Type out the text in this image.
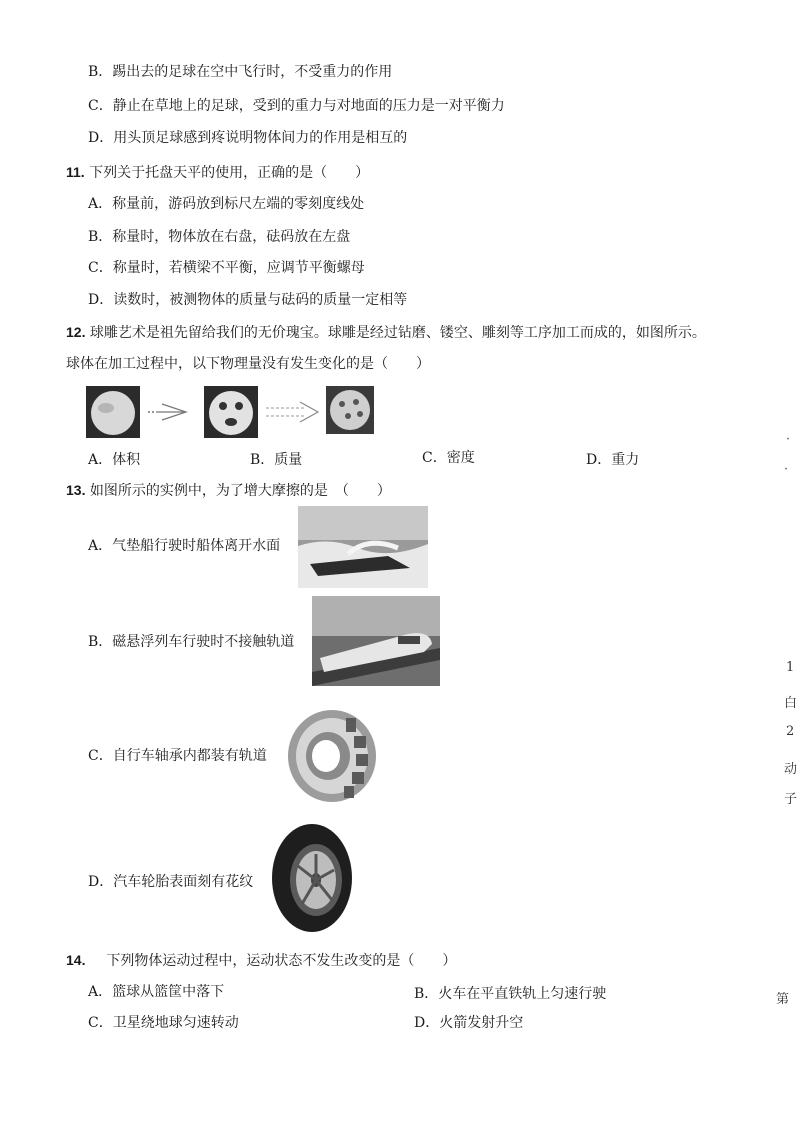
B．踢出去的足球在空中飞行时，不受重力的作用
C．静止在草地上的足球，受到的重力与对地面的压力是一对平衡力
D．用头顶足球感到疼说明物体间力的作用是相互的
11. 下列关于托盘天平的使用，正确的是（　　）
A．称量前，游码放到标尺左端的零刻度线处
B．称量时，物体放在右盘，砝码放在左盘
C．称量时，若横梁不平衡，应调节平衡螺母
D．读数时，被测物体的质量与砝码的质量一定相等
12. 球雕艺术是祖先留给我们的无价瑰宝。球雕是经过钻磨、镂空、雕刻等工序加工而成的，如图所示。
球体在加工过程中，以下物理量没有发生变化的是（　　）
A．体积	B．质量	C．密度	D．重力
13. 如图所示的实例中，为了增大摩擦的是　（　　）
A．气垫船行驶时船体离开水面
B．磁悬浮列车行驶时不接触轨道
C．自行车轴承内都装有轨道
D．汽车轮胎表面刻有花纹
14. 下列物体运动过程中，运动状态不发生改变的是（　　）
A．篮球从篮筐中落下	B．火车在平直铁轨上匀速行驶
C．卫星绕地球匀速转动	D．火箭发射升空
·
·
1
白
2
动
子
第
